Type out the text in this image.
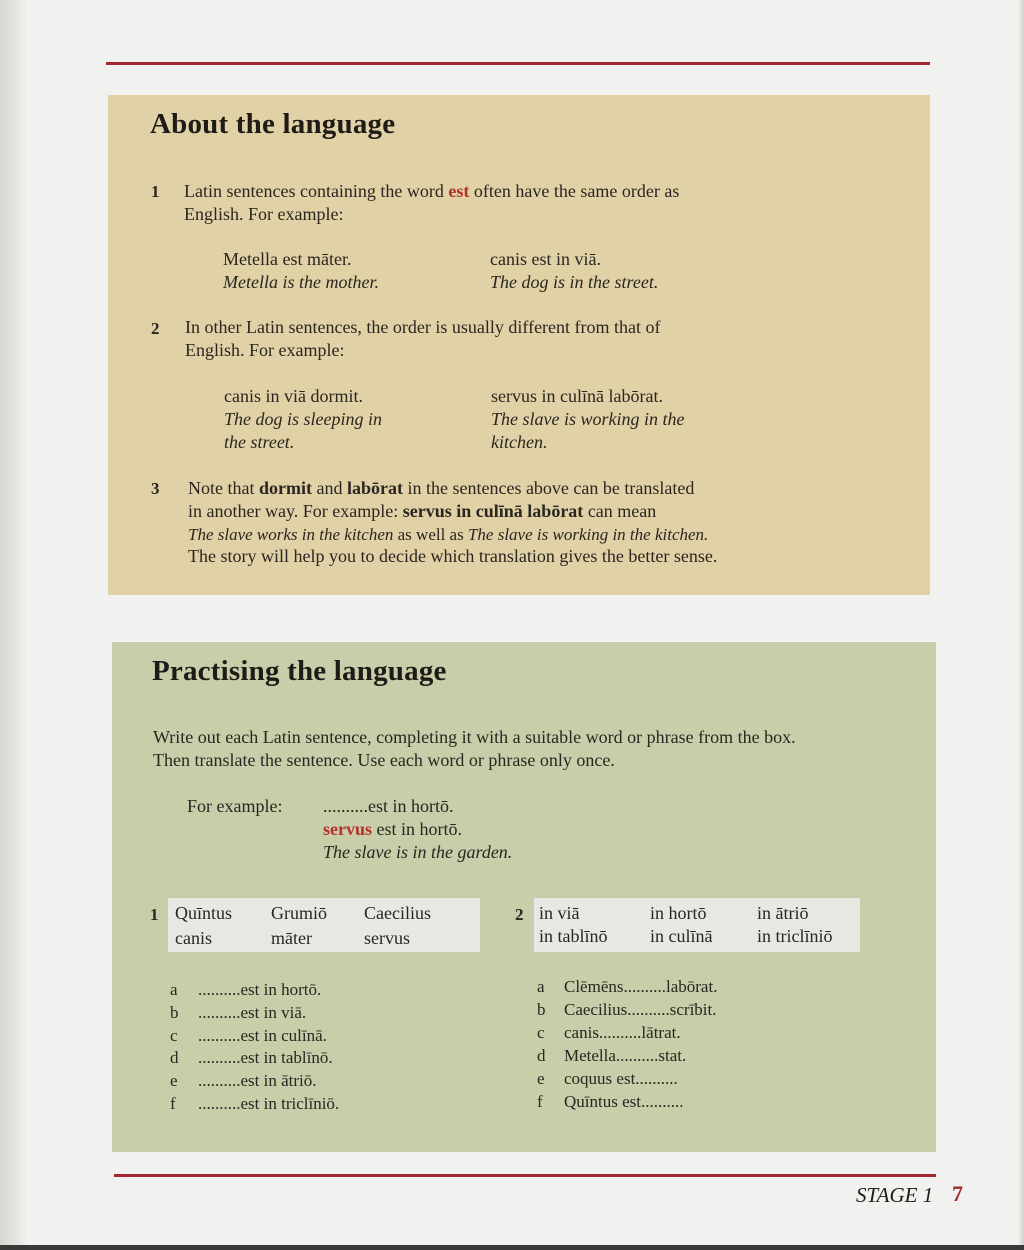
About the language
1 Latin sentences containing the word est often have the same order as
English. For example:
Metella est māter.
Metella is the mother.
canis est in viā.
The dog is in the street.
2 In other Latin sentences, the order is usually different from that of
English. For example:
canis in viā dormit.
The dog is sleeping in
the street.
servus in culīnā labōrat.
The slave is working in the
kitchen.
3 Note that dormit and labōrat in the sentences above can be translated
in another way. For example: servus in culīnā labōrat can mean
The slave works in the kitchen as well as The slave is working in the kitchen.
The story will help you to decide which translation gives the better sense.
Practising the language
Write out each Latin sentence, completing it with a suitable word or phrase from the box.
Then translate the sentence. Use each word or phrase only once.
For example: ..........est in hortō.
servus est in hortō.
The slave is in the garden.
1 Quīntus Grumiō Caecilius
canis	māter	servus
a ..........est in hortō.
b ..........est in viā.
c ..........est in culīnā.
d ..........est in tablīnō.
e ..........est in ātriō.
f ..........est in triclīniō.
2 in viā	in hortō	in ātriō
in tablīnō in culīnā in triclīniō
a Clēmēns..........labōrat.
b Caecilius..........scrībit.
c canis..........lātrat.
d Metella..........stat.
e coquus est..........
f Quīntus est..........
STAGE 1 7
